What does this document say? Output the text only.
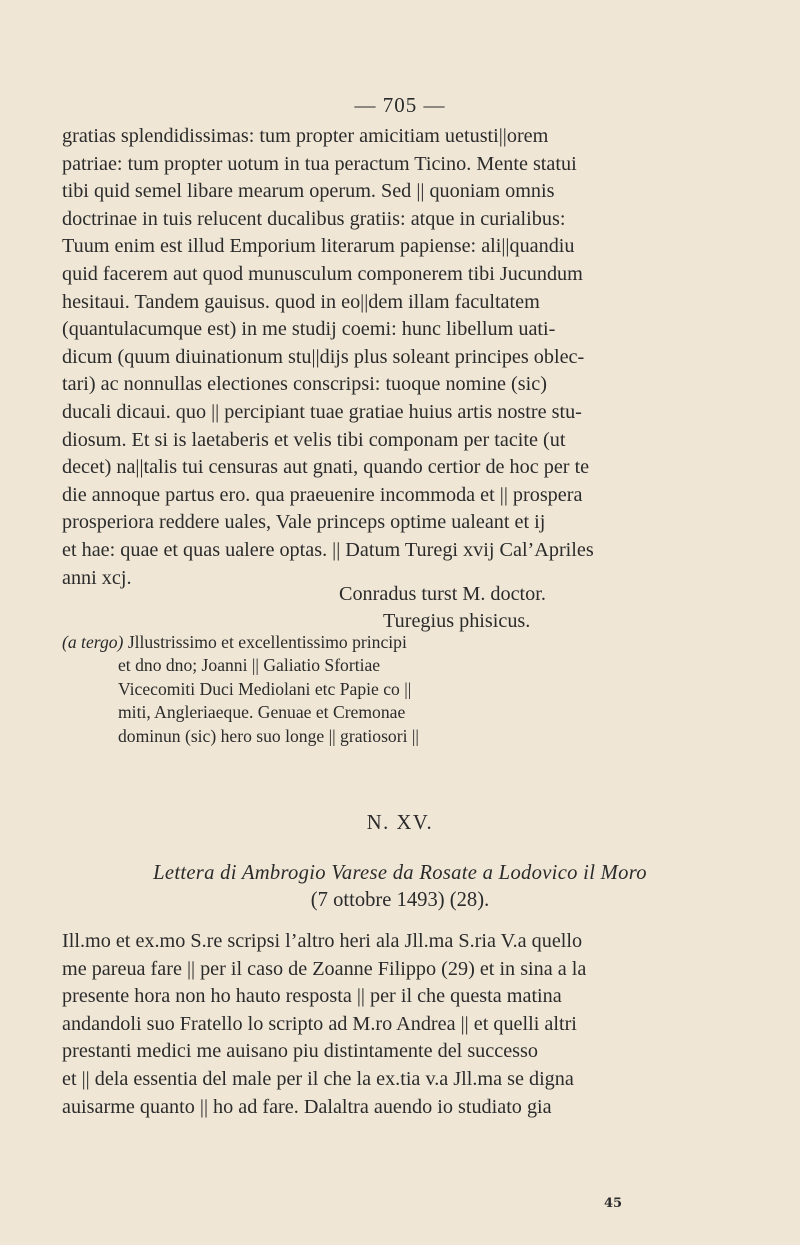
— 705 —
gratias splendidissimas: tum propter amicitiam uetusti||orem
patriae: tum propter uotum in tua peractum Ticino. Mente statui
tibi quid semel libare mearum operum. Sed || quoniam omnis
doctrinae in tuis relucent ducalibus gratiis: atque in curialibus:
Tuum enim est illud Emporium literarum papiense: ali||quandiu
quid facerem aut quod munusculum componerem tibi Jucundum
hesitaui. Tandem gauisus. quod in eo||dem illam facultatem
(quantulacumque est) in me studij coemi: hunc libellum uati-
dicum (quum diuinationum stu||dijs plus soleant principes oblec-
tari) ac nonnullas electiones conscripsi: tuoque nomine (sic)
ducali dicaui. quo || percipiant tuae gratiae huius artis nostre stu-
diosum. Et si is laetaberis et velis tibi componam per tacite (ut
decet) na||talis tui censuras aut gnati, quando certior de hoc per te
die annoque partus ero. qua praeuenire incommoda et || prospera
prosperiora reddere uales, Vale princeps optime ualeant et ij
et hae: quae et quas ualere optas. || Datum Turegi xvij Cal’Apriles
anni xcj.
Conradus turst M. doctor.
Turegius phisicus.
(a tergo) Jllustrissimo et excellentissimo principi
et dno dno; Joanni || Galiatio Sfortiae
Vicecomiti Duci Mediolani etc Papie co ||
miti, Angleriaeque. Genuae et Cremonae
dominun (sic) hero suo longe || gratiosori ||
N. XV.
Lettera di Ambrogio Varese da Rosate a Lodovico il Moro
(7 ottobre 1493) (28).
Ill.mo et ex.mo S.re scripsi l’altro heri ala Jll.ma S.ria V.a quello
me pareua fare || per il caso de Zoanne Filippo (29) et in sina a la
presente hora non ho hauto resposta || per il che questa matina
andandoli suo Fratello lo scripto ad M.ro Andrea || et quelli altri
prestanti medici me auisano piu distintamente del successo
et || dela essentia del male per il che la ex.tia v.a Jll.ma se digna
auisarme quanto || ho ad fare. Dalaltra auendo io studiato gia
45
